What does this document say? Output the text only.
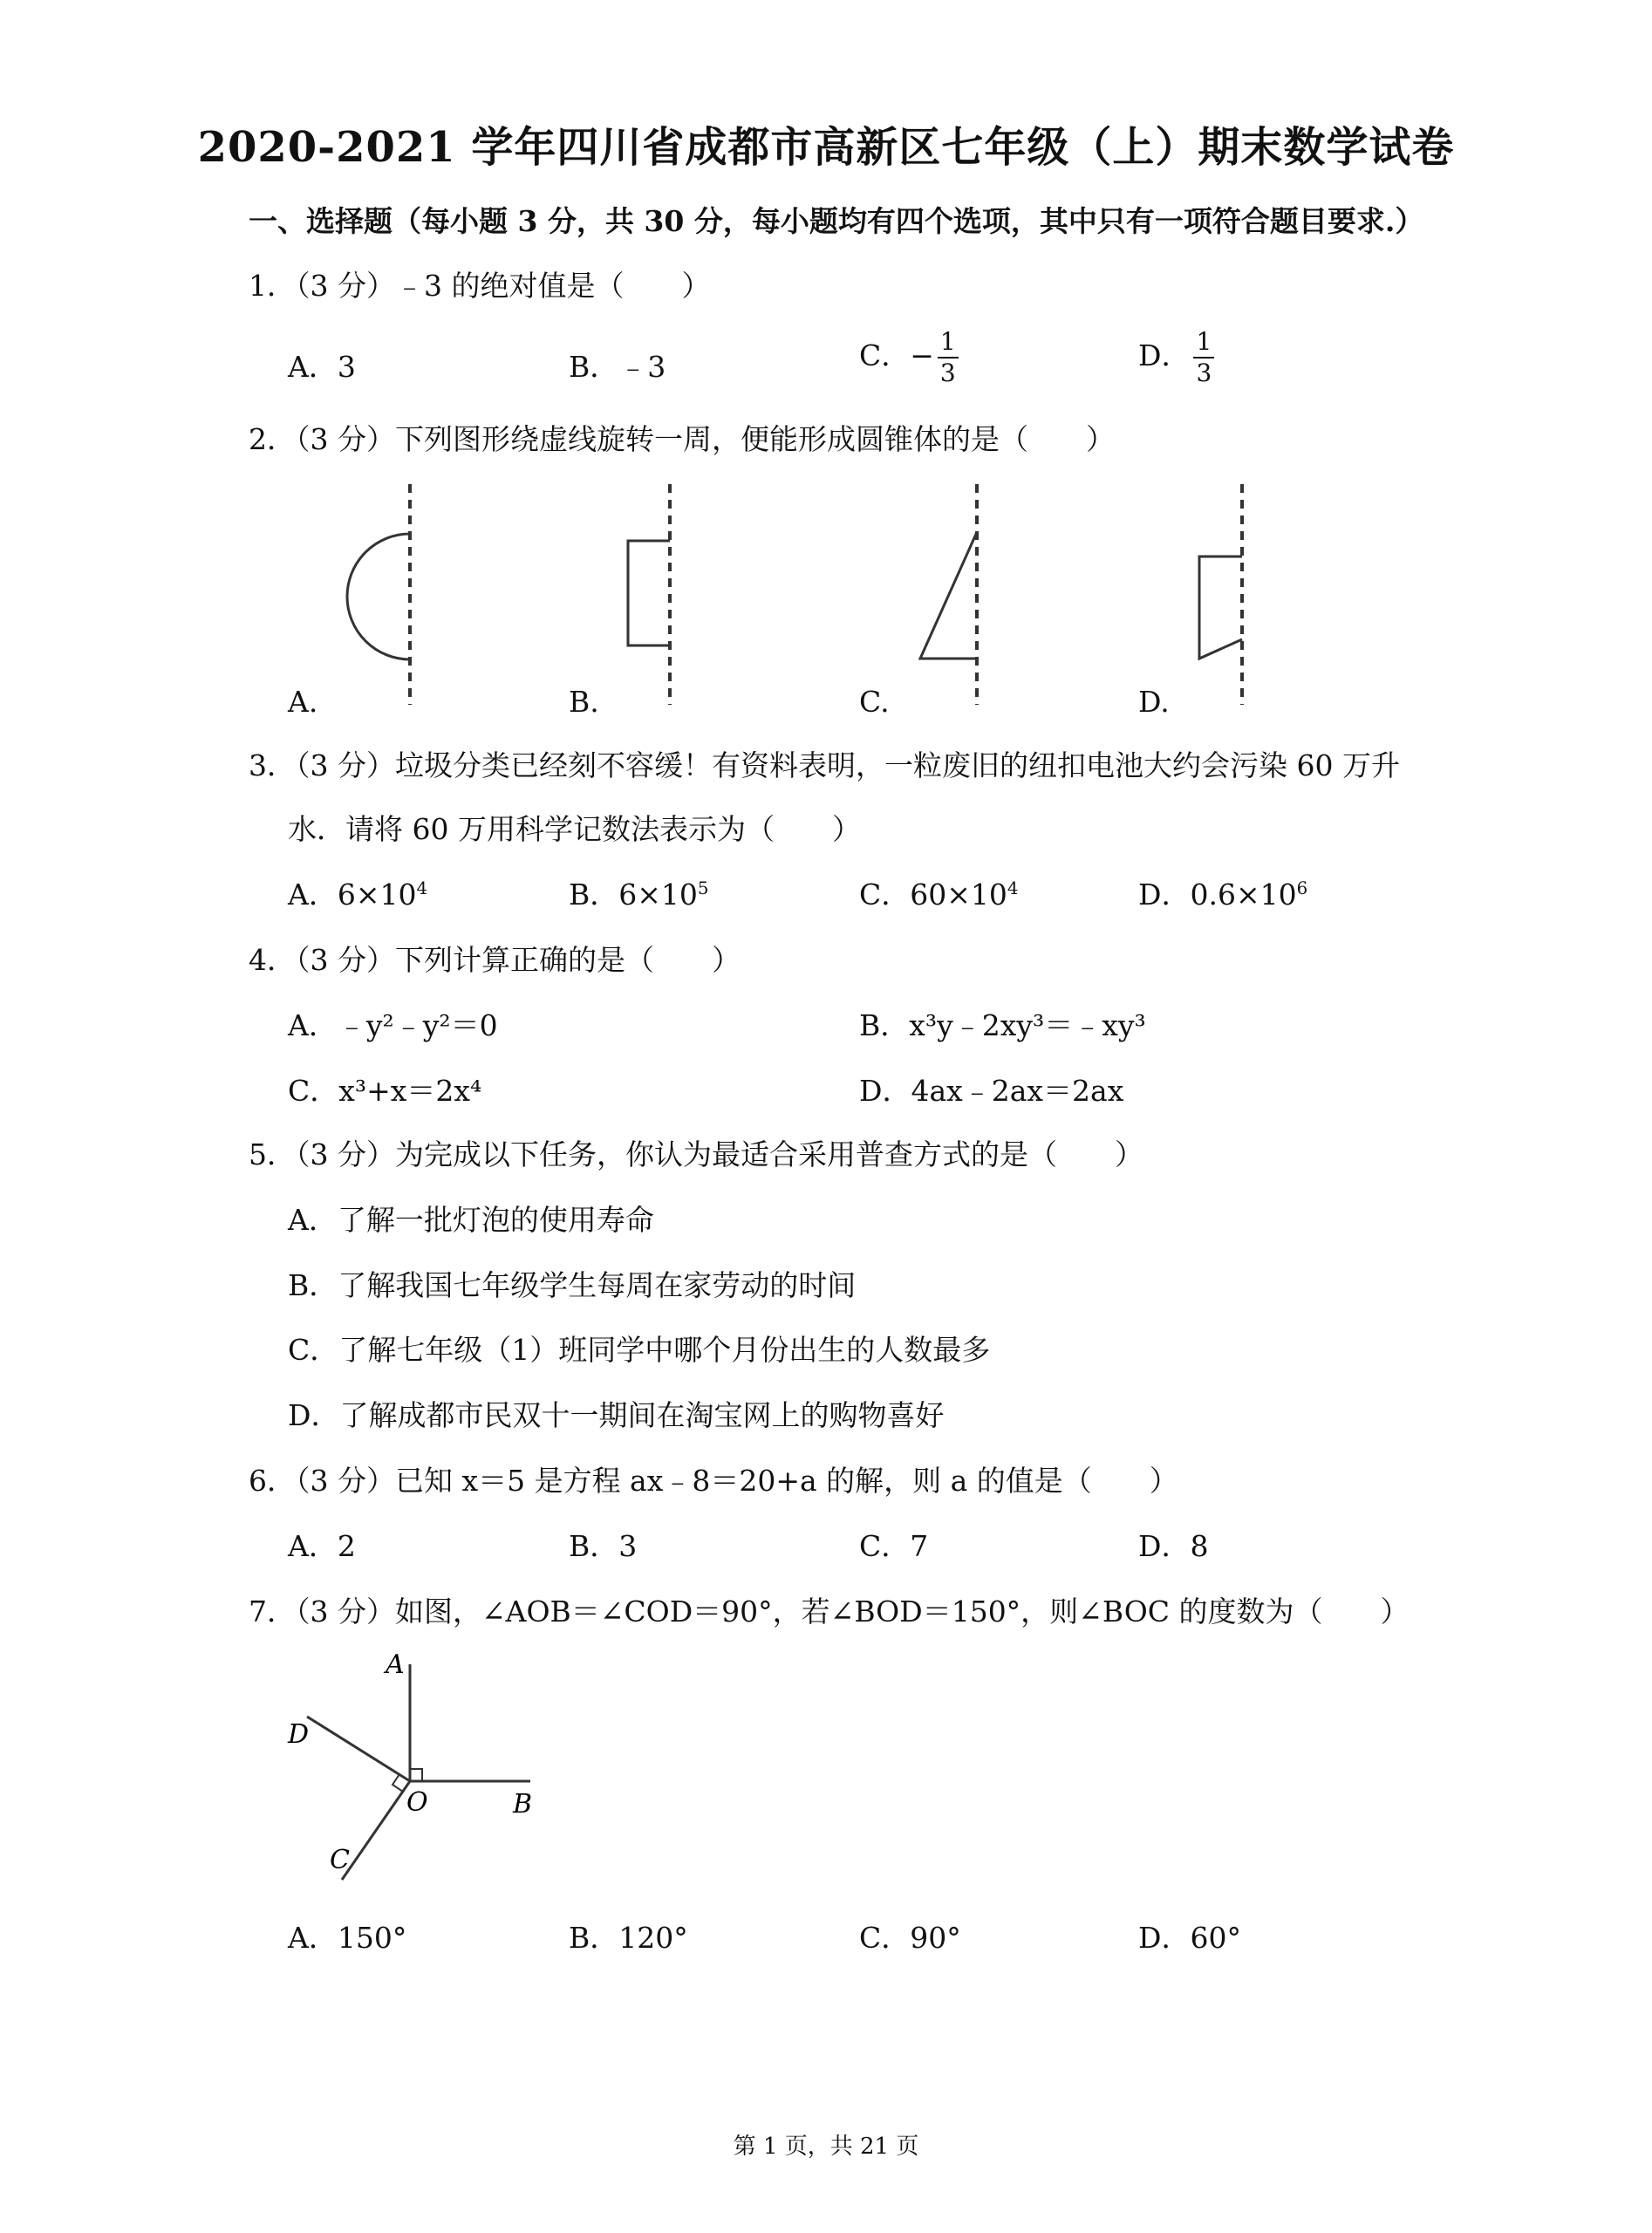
2020-2021 学年四川省成都市高新区七年级（上）期末数学试卷
一、选择题（每小题 3 分，共 30 分，每小题均有四个选项，其中只有一项符合题目要求.）
1．（3 分）﹣3 的绝对值是（　　）
A．3	B．﹣3	C．− $\frac{1}{3}$	D． $\frac{1}{3}$
2．（3 分）下列图形绕虚线旋转一周，便能形成圆锥体的是（　　）
A.	B.	C.	D.
3．（3 分）垃圾分类已经刻不容缓！有资料表明，一粒废旧的纽扣电池大约会污染 60 万升
水．请将 60 万用科学记数法表示为（　　）
A．$6\times 10^4$	B．$6\times 10^5$	C．$60\times 10^4$	D．$0.6\times 10^6$
4．（3 分）下列计算正确的是（　　）
A．﹣y²﹣y²＝0	B．x³y﹣2xy³＝﹣xy³
C．x³+x＝2x⁴	D．4ax﹣2ax＝2ax
5．（3 分）为完成以下任务，你认为最适合采用普查方式的是（　　）
A．了解一批灯泡的使用寿命
B．了解我国七年级学生每周在家劳动的时间
C．了解七年级（1）班同学中哪个月份出生的人数最多
D．了解成都市民双十一期间在淘宝网上的购物喜好
6．（3 分）已知 x＝5 是方程 ax﹣8＝20+a 的解，则 a 的值是（　　）
A．2	B．3	C．7	D．8
7．（3 分）如图，∠AOB＝∠COD＝90°，若∠BOD＝150°，则∠BOC 的度数为（　　）
A
B
C
D
O
A．150°	B．120°	C．90°	D．60°
第 1 页，共 21 页
